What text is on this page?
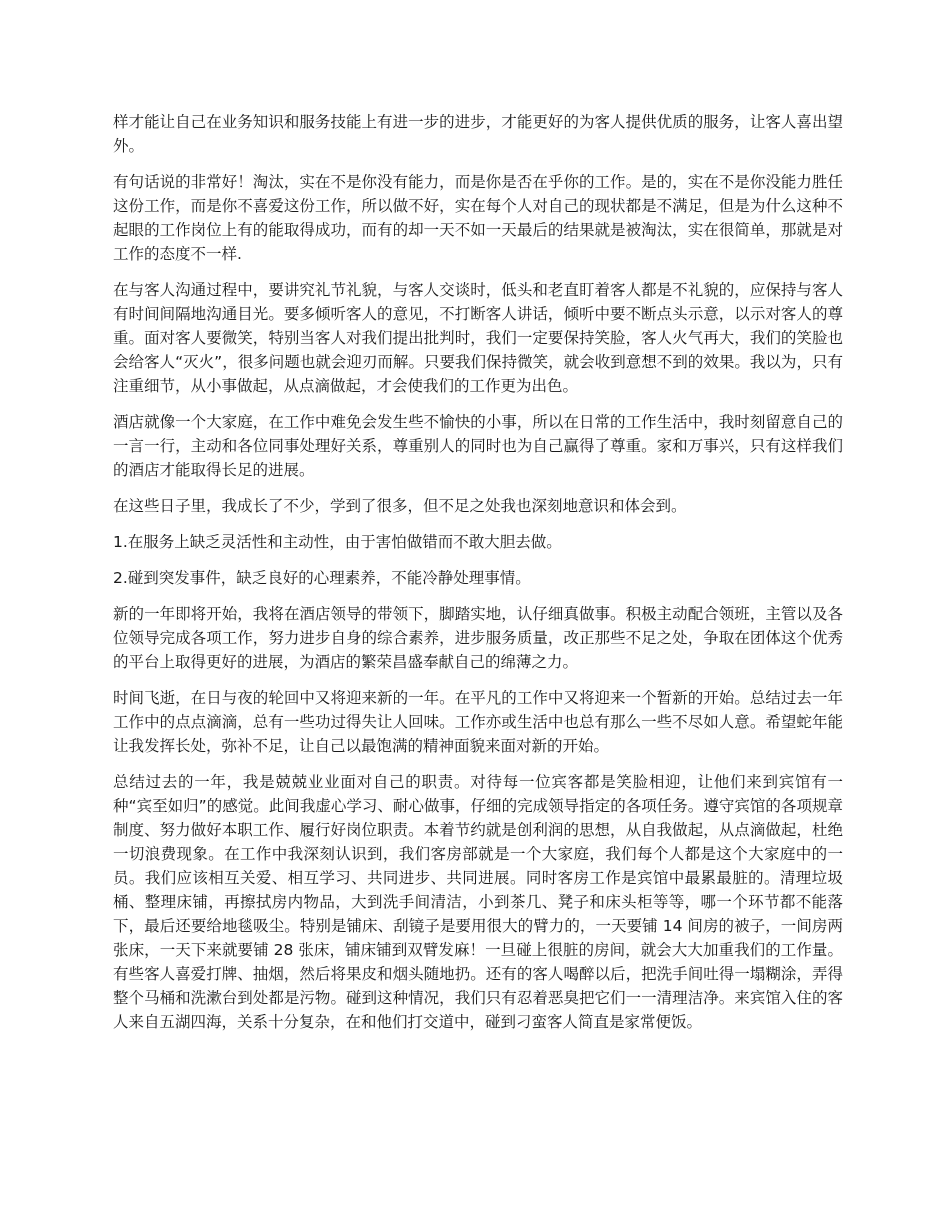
样才能让自己在业务知识和服务技能上有进一步的进步，才能更好的为客人提供优质的服务，让客人喜出望外。

有句话说的非常好！淘汰，实在不是你没有能力，而是你是否在乎你的工作。是的，实在不是你没能力胜任这份工作，而是你不喜爱这份工作，所以做不好，实在每个人对自己的现状都是不满足，但是为什么这种不起眼的工作岗位上有的能取得成功，而有的却一天不如一天最后的结果就是被淘汰，实在很简单，那就是对工作的态度不一样.

在与客人沟通过程中，要讲究礼节礼貌，与客人交谈时，低头和老直盯着客人都是不礼貌的，应保持与客人有时间间隔地沟通目光。要多倾听客人的意见，不打断客人讲话，倾听中要不断点头示意，以示对客人的尊重。面对客人要微笑，特别当客人对我们提出批判时，我们一定要保持笑脸，客人火气再大，我们的笑脸也会给客人“灭火”，很多问题也就会迎刃而解。只要我们保持微笑，就会收到意想不到的效果。我以为，只有注重细节，从小事做起，从点滴做起，才会使我们的工作更为出色。

酒店就像一个大家庭，在工作中难免会发生些不愉快的小事，所以在日常的工作生活中，我时刻留意自己的一言一行，主动和各位同事处理好关系，尊重别人的同时也为自己赢得了尊重。家和万事兴，只有这样我们的酒店才能取得长足的进展。

在这些日子里，我成长了不少，学到了很多，但不足之处我也深刻地意识和体会到。

1.在服务上缺乏灵活性和主动性，由于害怕做错而不敢大胆去做。

2.碰到突发事件，缺乏良好的心理素养，不能冷静处理事情。

新的一年即将开始，我将在酒店领导的带领下，脚踏实地，认仔细真做事。积极主动配合领班，主管以及各位领导完成各项工作，努力进步自身的综合素养，进步服务质量，改正那些不足之处，争取在团体这个优秀的平台上取得更好的进展，为酒店的繁荣昌盛奉献自己的绵薄之力。

时间飞逝，在日与夜的轮回中又将迎来新的一年。在平凡的工作中又将迎来一个暂新的开始。总结过去一年工作中的点点滴滴，总有一些功过得失让人回味。工作亦或生活中也总有那么一些不尽如人意。希望蛇年能让我发挥长处，弥补不足，让自己以最饱满的精神面貌来面对新的开始。

总结过去的一年，我是兢兢业业面对自己的职责。对待每一位宾客都是笑脸相迎，让他们来到宾馆有一种“宾至如归”的感觉。此间我虚心学习、耐心做事，仔细的完成领导指定的各项任务。遵守宾馆的各项规章制度、努力做好本职工作、履行好岗位职责。本着节约就是创利润的思想，从自我做起，从点滴做起，杜绝一切浪费现象。在工作中我深刻认识到，我们客房部就是一个大家庭，我们每个人都是这个大家庭中的一员。我们应该相互关爱、相互学习、共同进步、共同进展。同时客房工作是宾馆中最累最脏的。清理垃圾桶、整理床铺，再擦拭房内物品，大到洗手间清洁，小到茶几、凳子和床头柜等等，哪一个环节都不能落下，最后还要给地毯吸尘。特别是铺床、刮镜子是要用很大的臂力的，一天要铺 14 间房的被子，一间房两张床，一天下来就要铺 28 张床，铺床铺到双臂发麻！一旦碰上很脏的房间，就会大大加重我们的工作量。有些客人喜爱打牌、抽烟，然后将果皮和烟头随地扔。还有的客人喝醉以后，把洗手间吐得一塌糊涂，弄得整个马桶和洗漱台到处都是污物。碰到这种情况，我们只有忍着恶臭把它们一一清理洁净。来宾馆入住的客人来自五湖四海，关系十分复杂，在和他们打交道中，碰到刁蛮客人简直是家常便饭。
